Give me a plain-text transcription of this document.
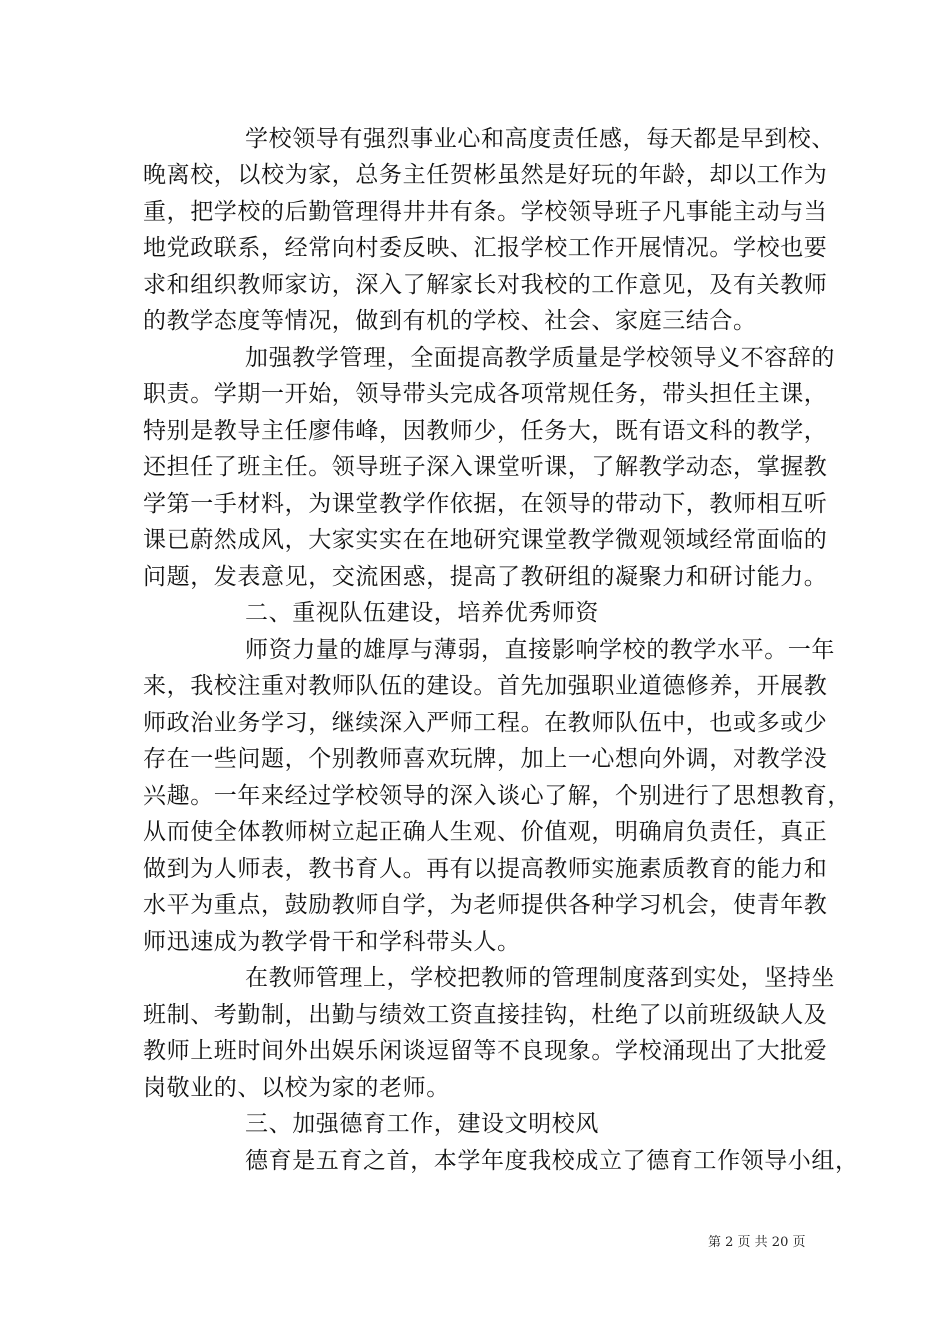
学校领导有强烈事业心和高度责任感，每天都是早到校、
晚离校，以校为家，总务主任贺彬虽然是好玩的年龄，却以工作为
重，把学校的后勤管理得井井有条。学校领导班子凡事能主动与当
地党政联系，经常向村委反映、汇报学校工作开展情况。学校也要
求和组织教师家访，深入了解家长对我校的工作意见，及有关教师
的教学态度等情况，做到有机的学校、社会、家庭三结合。
加强教学管理，全面提高教学质量是学校领导义不容辞的
职责。学期一开始，领导带头完成各项常规任务，带头担任主课，
特别是教导主任廖伟峰，因教师少，任务大，既有语文科的教学，
还担任了班主任。领导班子深入课堂听课，了解教学动态，掌握教
学第一手材料，为课堂教学作依据，在领导的带动下，教师相互听
课已蔚然成风，大家实实在在地研究课堂教学微观领域经常面临的
问题，发表意见，交流困惑，提高了教研组的凝聚力和研讨能力。
二、重视队伍建设，培养优秀师资
师资力量的雄厚与薄弱，直接影响学校的教学水平。一年
来，我校注重对教师队伍的建设。首先加强职业道德修养，开展教
师政治业务学习，继续深入严师工程。在教师队伍中，也或多或少
存在一些问题，个别教师喜欢玩牌，加上一心想向外调，对教学没
兴趣。一年来经过学校领导的深入谈心了解，个别进行了思想教育，
从而使全体教师树立起正确人生观、价值观，明确肩负责任，真正
做到为人师表，教书育人。再有以提高教师实施素质教育的能力和
水平为重点，鼓励教师自学，为老师提供各种学习机会，使青年教
师迅速成为教学骨干和学科带头人。
在教师管理上，学校把教师的管理制度落到实处，坚持坐
班制、考勤制，出勤与绩效工资直接挂钩，杜绝了以前班级缺人及
教师上班时间外出娱乐闲谈逗留等不良现象。学校涌现出了大批爱
岗敬业的、以校为家的老师。
三、加强德育工作，建设文明校风
德育是五育之首，本学年度我校成立了德育工作领导小组，
第 2 页 共 20 页
